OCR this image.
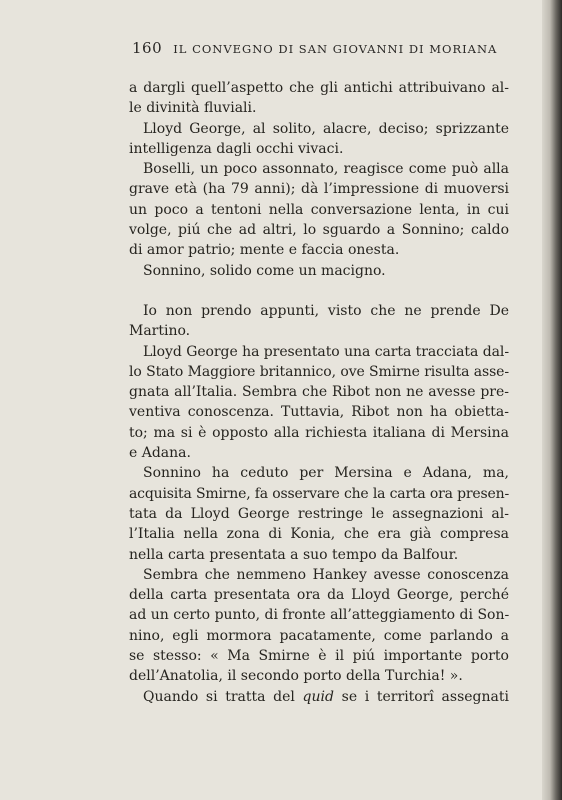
160 IL CONVEGNO DI SAN GIOVANNI DI MORIANA
a dargli quell’aspetto che gli antichi attribuivano al-
le divinità fluviali.
Lloyd George, al solito, alacre, deciso; sprizzante
intelligenza dagli occhi vivaci.
Boselli, un poco assonnato, reagisce come può alla
grave età (ha 79 anni); dà l’impressione di muoversi
un poco a tentoni nella conversazione lenta, in cui
volge, piú che ad altri, lo sguardo a Sonnino; caldo
di amor patrio; mente e faccia onesta.
Sonnino, solido come un macigno.
Io non prendo appunti, visto che ne prende De
Martino.
Lloyd George ha presentato una carta tracciata dal-
lo Stato Maggiore britannico, ove Smirne risulta asse-
gnata all’Italia. Sembra che Ribot non ne avesse pre-
ventiva conoscenza. Tuttavia, Ribot non ha obietta-
to; ma si è opposto alla richiesta italiana di Mersina
e Adana.
Sonnino ha ceduto per Mersina e Adana, ma,
acquisita Smirne, fa osservare che la carta ora presen-
tata da Lloyd George restringe le assegnazioni al-
l’Italia nella zona di Konia, che era già compresa
nella carta presentata a suo tempo da Balfour.
Sembra che nemmeno Hankey avesse conoscenza
della carta presentata ora da Lloyd George, perché
ad un certo punto, di fronte all’atteggiamento di Son-
nino, egli mormora pacatamente, come parlando a
se stesso: « Ma Smirne è il piú importante porto
dell’Anatolia, il secondo porto della Turchia! ».
Quando si tratta del quid se i territorî assegnati
